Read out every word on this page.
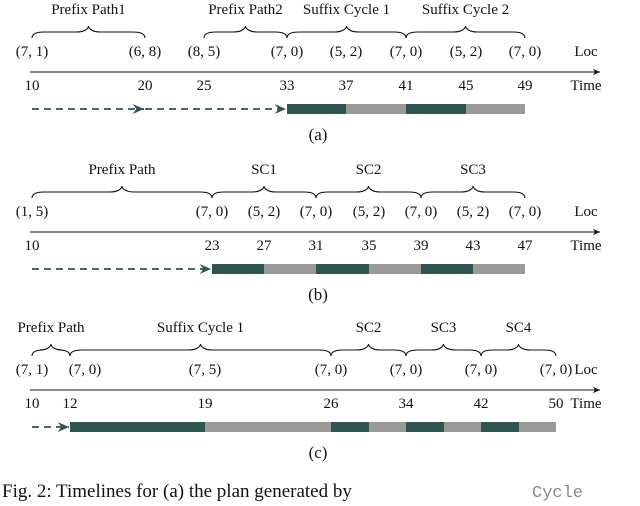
Prefix Path1	Prefix Path2 Suffix Cycle 1 Suffix Cycle 2
(7, 1)	(6, 8) (8, 5)	(7, 0) (5, 2) (7, 0) (5, 2) (7, 0) Loc
10	20	25	33	37	41	45	49	Time
(a)
Prefix Path	SC1	SC2	SC3
(1, 5)	(7, 0) (5, 2) (7, 0) (5, 2) (7, 0) (5, 2) (7, 0) Loc
10	23 27 31	35 39 43 47	Time
(b)
Prefix Path	Suffix Cycle 1	SC2	SC3	SC4
(7, 1) (7, 0)	(7, 5)	(7, 0)	(7, 0)	(7, 0)	(7, 0) Loc
10 12	19	26	34	42	50 Time
(c)
Fig. 2: Timelines for (a) the plan generated by	Cycle
